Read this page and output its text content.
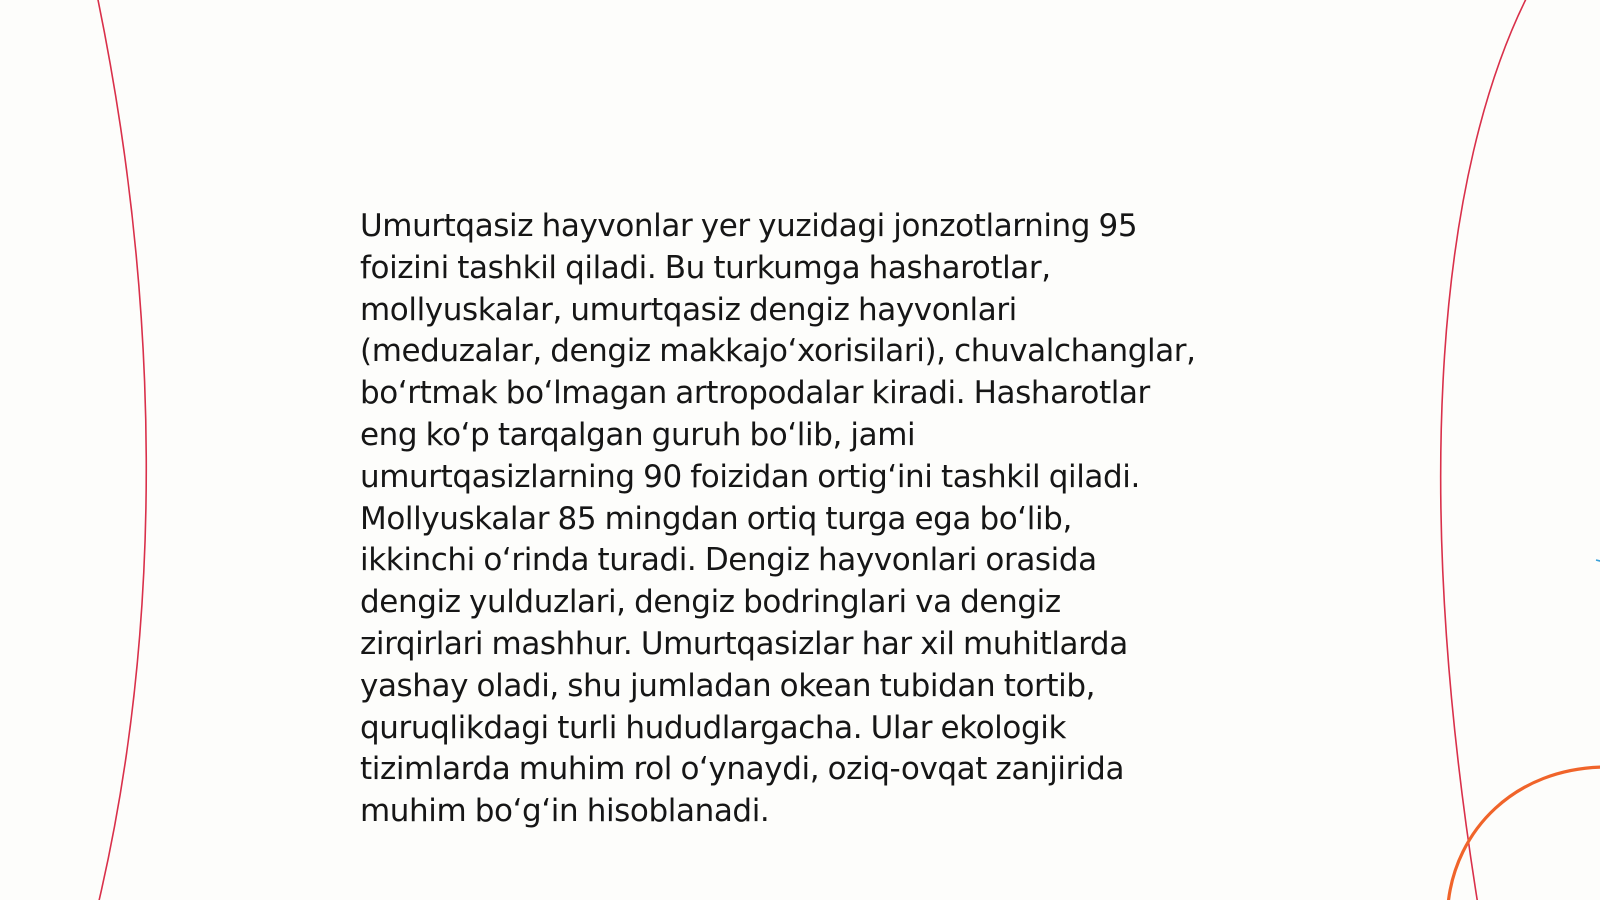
Umurtqasiz hayvonlar yer yuzidagi jonzotlarning 95
foizini tashkil qiladi. Bu turkumga hasharotlar,
mollyuskalar, umurtqasiz dengiz hayvonlari
(meduzalar, dengiz makkajo‘xorisilari), chuvalchanglar,
bo‘rtmak bo‘lmagan artropodalar kiradi. Hasharotlar
eng ko‘p tarqalgan guruh bo‘lib, jami
umurtqasizlarning 90 foizidan ortig‘ini tashkil qiladi.
Mollyuskalar 85 mingdan ortiq turga ega bo‘lib,
ikkinchi o‘rinda turadi. Dengiz hayvonlari orasida
dengiz yulduzlari, dengiz bodringlari va dengiz
zirqirlari mashhur. Umurtqasizlar har xil muhitlarda
yashay oladi, shu jumladan okean tubidan tortib,
quruqlikdagi turli hududlargacha. Ular ekologik
tizimlarda muhim rol o‘ynaydi, oziq-ovqat zanjirida
muhim bo‘g‘in hisoblanadi.
